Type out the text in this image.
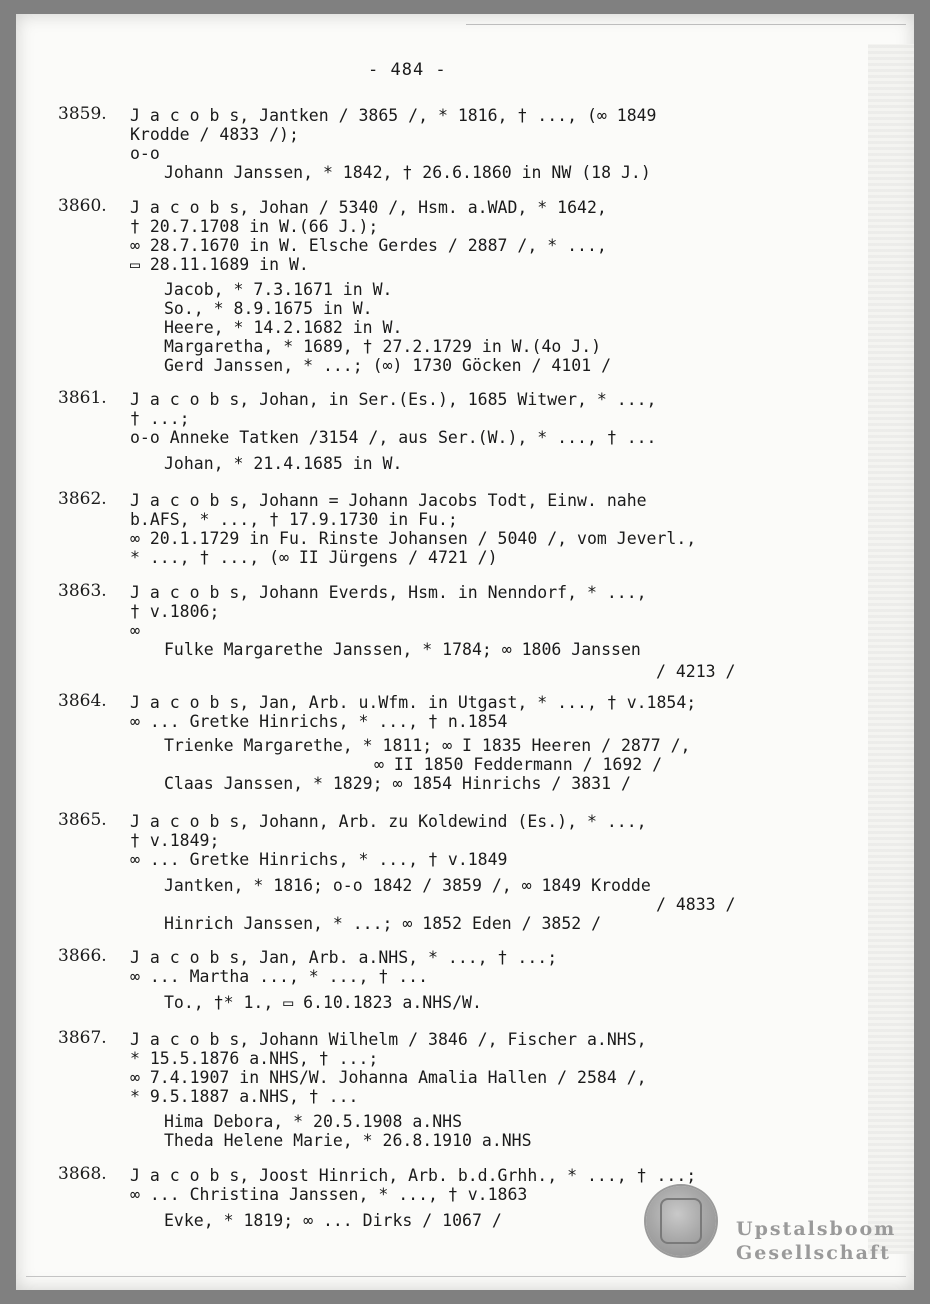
- 484 -
3859.	J a c o b s, Jantken / 3865 /, * 1816, † ..., (∞ 1849
Krodde / 4833 /);
o-o
Johann Janssen, * 1842, † 26.6.1860 in NW (18 J.)
3860.	J a c o b s, Johan / 5340 /, Hsm. a.WAD, * 1642,
† 20.7.1708 in W.(66 J.);
∞ 28.7.1670 in W. Elsche Gerdes / 2887 /, * ...,
▭ 28.11.1689 in W.
Jacob, * 7.3.1671 in W.
So., * 8.9.1675 in W.
Heere, * 14.2.1682 in W.
Margaretha, * 1689, † 27.2.1729 in W.(4o J.)
Gerd Janssen, * ...; (∞) 1730 Göcken / 4101 /
3861.	J a c o b s, Johan, in Ser.(Es.), 1685 Witwer, * ...,
† ...;
o-o Anneke Tatken /3154 /, aus Ser.(W.), * ..., † ...
Johan, * 21.4.1685 in W.
3862.	J a c o b s, Johann = Johann Jacobs Todt, Einw. nahe
b.AFS, * ..., † 17.9.1730 in Fu.;
∞ 20.1.1729 in Fu. Rinste Johansen / 5040 /, vom Jeverl.,
* ..., † ..., (∞ II Jürgens / 4721 /)
3863.	J a c o b s, Johann Everds, Hsm. in Nenndorf, * ...,
† v.1806;
∞
Fulke Margarethe Janssen, * 1784; ∞ 1806 Janssen
/ 4213 /
3864.	J a c o b s, Jan, Arb. u.Wfm. in Utgast, * ..., † v.1854;
∞ ... Gretke Hinrichs, * ..., † n.1854
Trienke Margarethe, * 1811; ∞ I 1835 Heeren / 2877 /,
∞ II 1850 Feddermann / 1692 /
Claas Janssen, * 1829; ∞ 1854 Hinrichs / 3831 /
3865.	J a c o b s, Johann, Arb. zu Koldewind (Es.), * ...,
† v.1849;
∞ ... Gretke Hinrichs, * ..., † v.1849
Jantken, * 1816; o-o 1842 / 3859 /, ∞ 1849 Krodde
/ 4833 /
Hinrich Janssen, * ...; ∞ 1852 Eden / 3852 /
3866.	J a c o b s, Jan, Arb. a.NHS, * ..., † ...;
∞ ... Martha ..., * ..., † ...
To., †* 1., ▭ 6.10.1823 a.NHS/W.
3867.	J a c o b s, Johann Wilhelm / 3846 /, Fischer a.NHS,
* 15.5.1876 a.NHS, † ...;
∞ 7.4.1907 in NHS/W. Johanna Amalia Hallen / 2584 /,
* 9.5.1887 a.NHS, † ...
Hima Debora, * 20.5.1908 a.NHS
Theda Helene Marie, * 26.8.1910 a.NHS
3868.	J a c o b s, Joost Hinrich, Arb. b.d.Grhh., * ..., † ...;
∞ ... Christina Janssen, * ..., † v.1863
Evke, * 1819; ∞ ... Dirks / 1067 /	Upstalsboom
Gesellschaft
